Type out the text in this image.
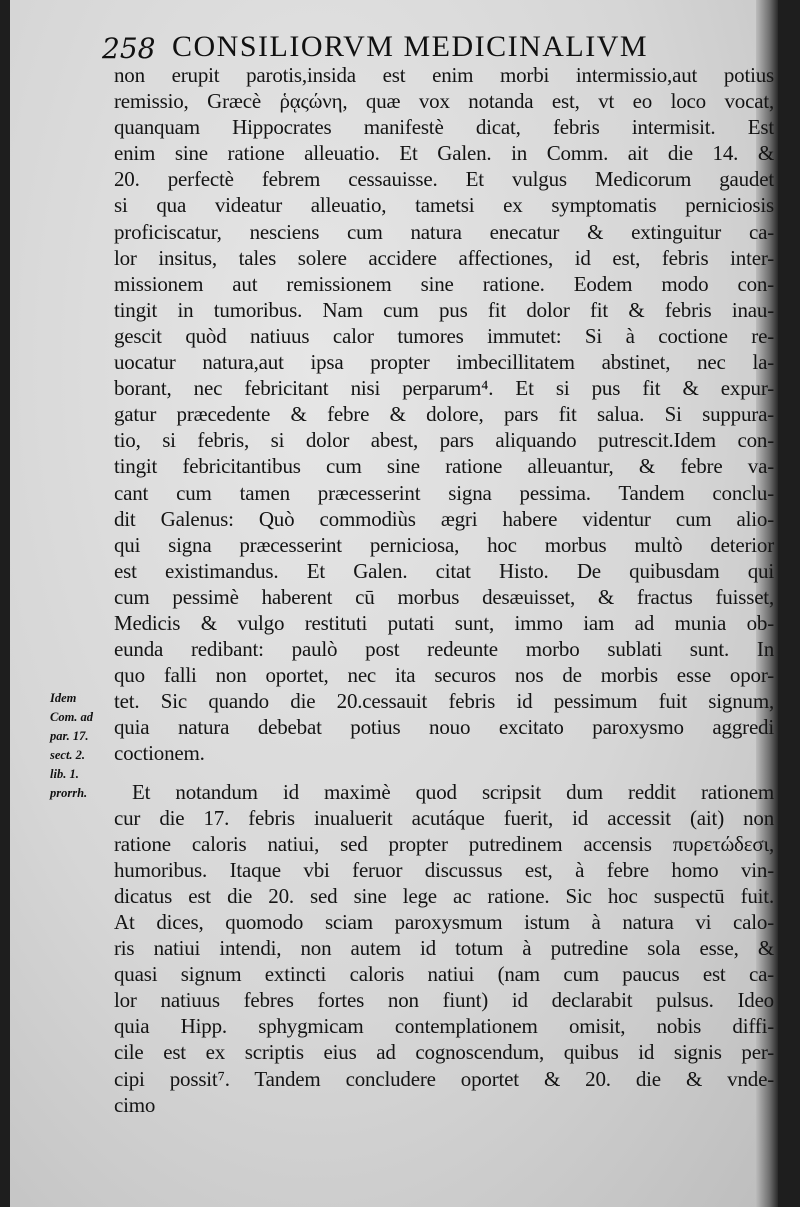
258 CONSILIORVM MEDICINALIVM
Idem
Com. ad
par. 17.
sect. 2.
lib. 1.
prorrh.
non erupit parotis,insida est enim morbi intermissio,aut potius
remissio, Græcè ῥᾳςώνη, quæ vox notanda est, vt eo loco vocat,
quanquam Hippocrates manifestè dicat, febris intermisit. Est
enim sine ratione alleuatio. Et Galen. in Comm. ait die 14. &
20. perfectè febrem cessauisse. Et vulgus Medicorum gaudet
si qua videatur alleuatio, tametsi ex symptomatis perniciosis
proficiscatur, nesciens cum natura enecatur & extinguitur ca-
lor insitus, tales solere accidere affectiones, id est, febris inter-
missionem aut remissionem sine ratione. Eodem modo con-
tingit in tumoribus. Nam cum pus fit dolor fit & febris inau-
gescit quòd natiuus calor tumores immutet: Si à coctione re-
uocatur natura,aut ipsa propter imbecillitatem abstinet, nec la-
borant, nec febricitant nisi perparum⁴. Et si pus fit & expur-
gatur præcedente & febre & dolore, pars fit salua. Si suppura-
tio, si febris, si dolor abest, pars aliquando putrescit.Idem con-
tingit febricitantibus cum sine ratione alleuantur, & febre va-
cant cum tamen præcesserint signa pessima. Tandem conclu-
dit Galenus: Quò commodiùs ægri habere videntur cum alio-
qui signa præcesserint perniciosa, hoc morbus multò deterior
est existimandus. Et Galen. citat Histo. De quibusdam qui
cum pessimè haberent cū morbus desæuisset, & fractus fuisset,
Medicis & vulgo restituti putati sunt, immo iam ad munia ob-
eunda redibant: paulò post redeunte morbo sublati sunt. In
quo falli non oportet, nec ita securos nos de morbis esse opor-
tet. Sic quando die 20.cessauit febris id pessimum fuit signum,
quia natura debebat potius nouo excitato paroxysmo aggredi
coctionem.
Et notandum id maximè quod scripsit dum reddit rationem
cur die 17. febris inualuerit acutáque fuerit, id accessit (ait) non
ratione caloris natiui, sed propter putredinem accensis πυρετώδεσι,
humoribus. Itaque vbi feruor discussus est, à febre homo vin-
dicatus est die 20. sed sine lege ac ratione. Sic hoc suspectū fuit.
At dices, quomodo sciam paroxysmum istum à natura vi calo-
ris natiui intendi, non autem id totum à putredine sola esse, &
quasi signum extincti caloris natiui (nam cum paucus est ca-
lor natiuus febres fortes non fiunt) id declarabit pulsus. Ideo
quia Hipp. sphygmicam contemplationem omisit, nobis diffi-
cile est ex scriptis eius ad cognoscendum, quibus id signis per-
cipi possit⁷. Tandem concludere oportet & 20. die & vnde-
cimo
